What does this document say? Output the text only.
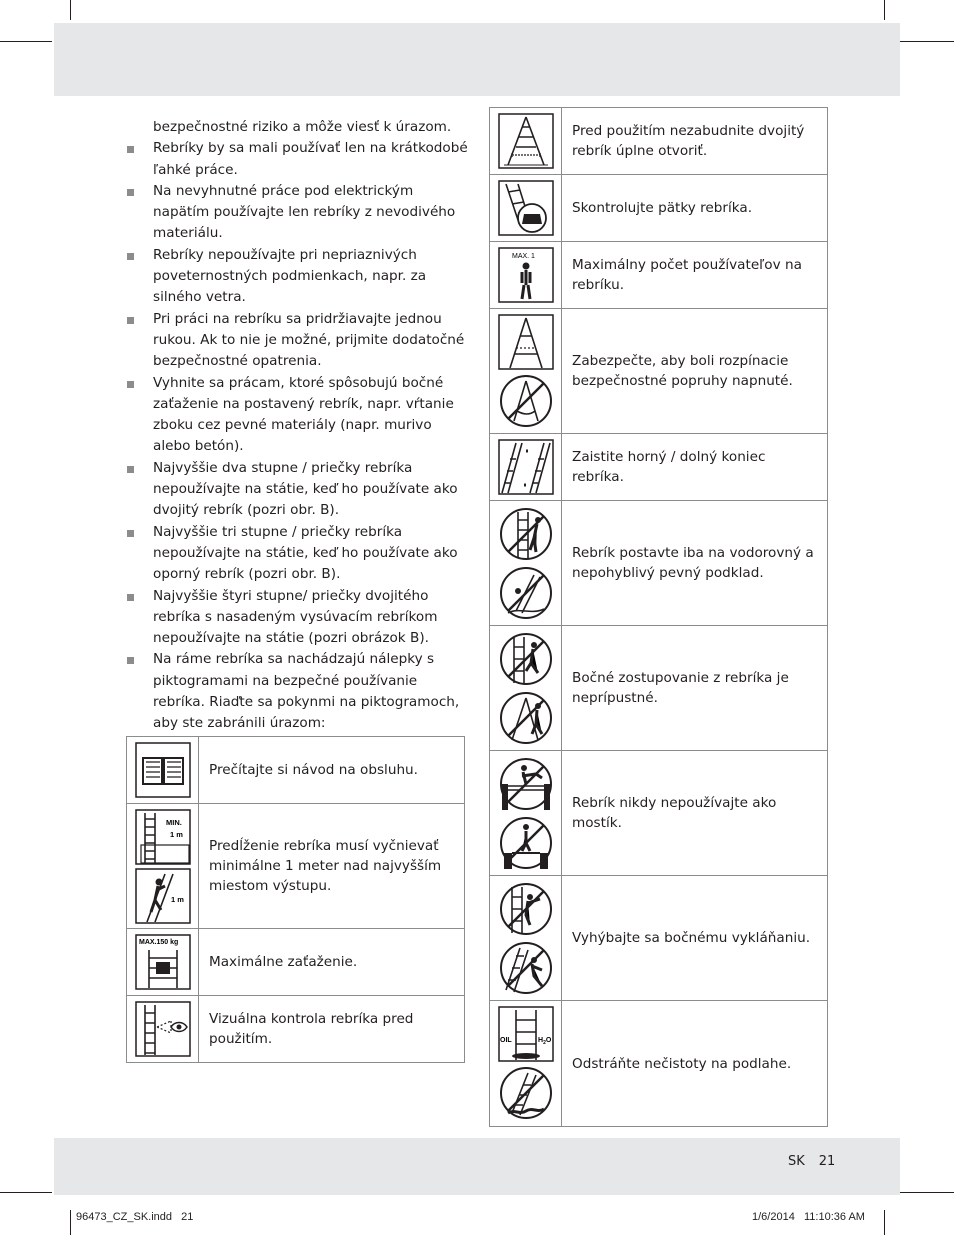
bezpečnostné riziko a môže viesť k úrazom.

Rebríky by sa mali používať len na krátkodobé ľahké práce.

Na nevyhnutné práce pod elektrickým napätím používajte len rebríky z nevodivého materiálu.

Rebríky nepoužívajte pri nepriaznivých poveternostných podmienkach, napr. za silného vetra.

Pri práci na rebríku sa pridržiavajte jednou rukou. Ak to nie je možné, prijmite dodatočné bezpečnostné opatrenia.

Vyhnite sa prácam, ktoré spôsobujú bočné zaťaženie na postavený rebrík, napr. vŕtanie zboku cez pevné materiály (napr. murivo alebo betón).

Najvyššie dva stupne / priečky rebríka nepoužívajte na státie, keď ho používate ako dvojitý rebrík (pozri obr. B).

Najvyššie tri stupne / priečky rebríka nepoužívajte na státie, keď ho používate ako oporný rebrík (pozri obr. B).

Najvyššie štyri stupne/ priečky dvojitého rebríka s nasadeným vysúvacím rebríkom nepoužívajte na státie (pozri obrázok B).

Na ráme rebríka sa nachádzajú nálepky s piktogramami na bezpečné používanie rebríka. Riaďte sa pokynmi na piktogramoch, aby ste zabránili úrazom:

	Prečítajte si návod na obsluhu.

MIN.
1 m
1 m	Predĺženie rebríka musí vyčnievať minimálne 1 meter nad najvyšším miestom výstupu.

MAX.150 kg	Maximálne zaťaženie.

	Vizuálna kontrola rebríka pred použitím.
	Pred použitím nezabudnite dvojitý rebrík úplne otvoriť.

	Skontrolujte pätky rebríka.

MAX. 1	Maximálny počet používateľov na rebríku.

	Zabezpečte, aby boli rozpínacie bezpečnostné popruhy napnuté.

	Zaistite horný / dolný koniec rebríka.

	Rebrík postavte iba na vodorovný a nepohyblivý pevný podklad.

	Bočné zostupovanie z rebríka je neprípustné.

	Rebrík nikdy nepoužívajte ako mostík.

	Vyhýbajte sa bočnému vykláňaniu.

OIL $H_2O$	Odstráňte nečistoty na podlahe.
SK 21
96473_CZ_SK.indd   21	1/6/2014   11:10:36 AM
